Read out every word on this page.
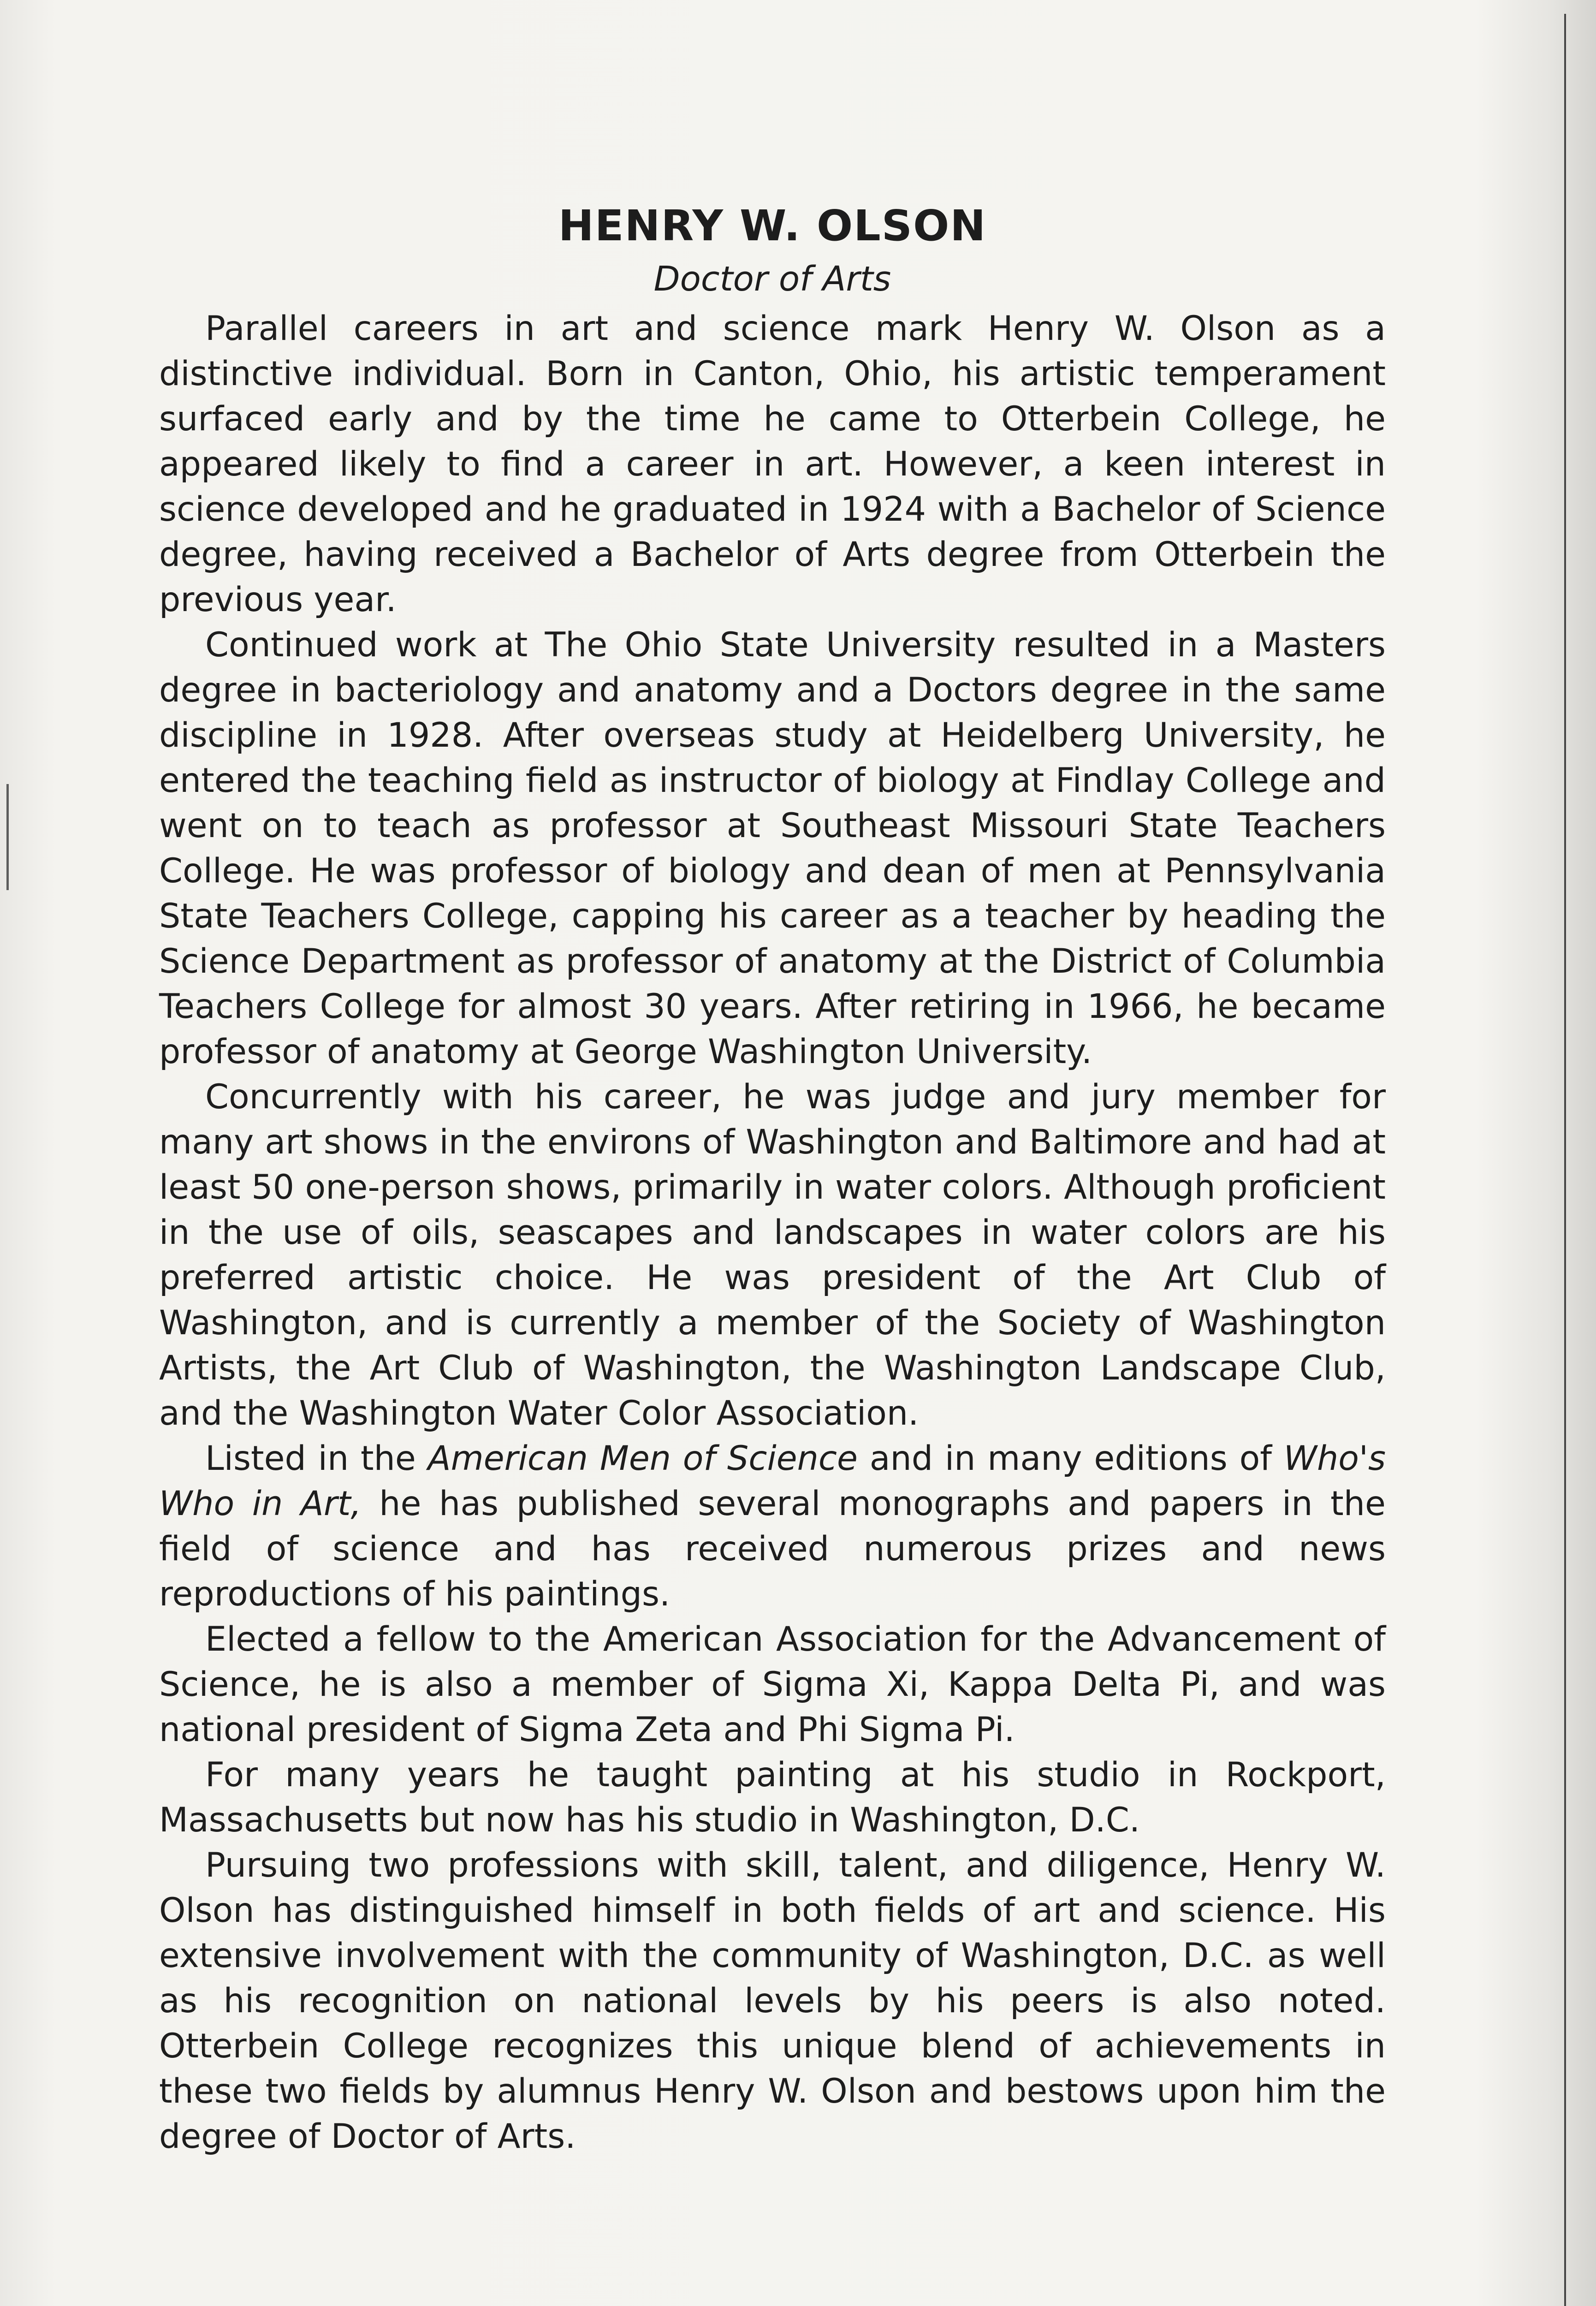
HENRY W. OLSON

Doctor of Arts

Parallel careers in art and science mark Henry W. Olson as a distinctive individual. Born in Canton, Ohio, his artistic temperament surfaced early and by the time he came to Otterbein College, he appeared likely to find a career in art. However, a keen interest in science developed and he graduated in 1924 with a Bachelor of Science degree, having received a Bachelor of Arts degree from Otterbein the previous year.

Continued work at The Ohio State University resulted in a Masters degree in bacteriology and anatomy and a Doctors degree in the same discipline in 1928. After overseas study at Heidelberg University, he entered the teaching field as instructor of biology at Findlay College and went on to teach as professor at Southeast Missouri State Teachers College. He was professor of biology and dean of men at Pennsylvania State Teachers College, capping his career as a teacher by heading the Science Department as professor of anatomy at the District of Columbia Teachers College for almost 30 years. After retiring in 1966, he became professor of anatomy at George Washington University.

Concurrently with his career, he was judge and jury member for many art shows in the environs of Washington and Baltimore and had at least 50 one-person shows, primarily in water colors. Although proficient in the use of oils, seascapes and landscapes in water colors are his preferred artistic choice. He was president of the Art Club of Washington, and is currently a member of the Society of Washington Artists, the Art Club of Washington, the Washington Landscape Club, and the Washington Water Color Association.

Listed in the American Men of Science and in many editions of Who's Who in Art, he has published several monographs and papers in the field of science and has received numerous prizes and news reproductions of his paintings.

Elected a fellow to the American Association for the Advancement of Science, he is also a member of Sigma Xi, Kappa Delta Pi, and was national president of Sigma Zeta and Phi Sigma Pi.

For many years he taught painting at his studio in Rockport, Massachusetts but now has his studio in Washington, D.C.

Pursuing two professions with skill, talent, and diligence, Henry W. Olson has distinguished himself in both fields of art and science. His extensive involvement with the community of Washington, D.C. as well as his recognition on national levels by his peers is also noted. Otterbein College recognizes this unique blend of achievements in these two fields by alumnus Henry W. Olson and bestows upon him the degree of Doctor of Arts.
